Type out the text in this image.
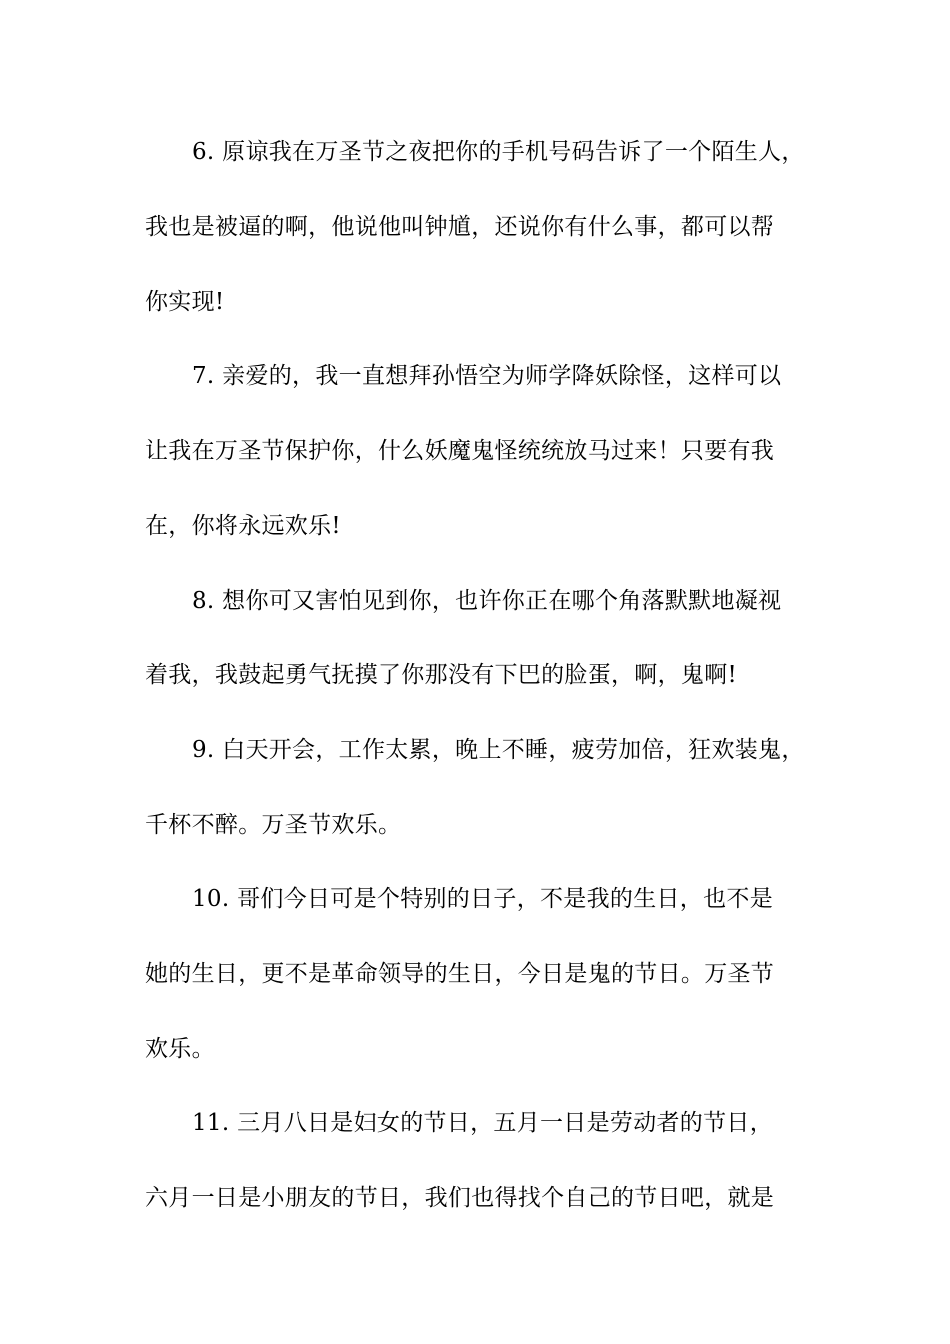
6. 原谅我在万圣节之夜把你的手机号码告诉了一个陌生人，
我也是被逼的啊，他说他叫钟馗，还说你有什么事，都可以帮
你实现!
7. 亲爱的，我一直想拜孙悟空为师学降妖除怪，这样可以
让我在万圣节保护你，什么妖魔鬼怪统统放马过来！只要有我
在，你将永远欢乐!
8. 想你可又害怕见到你，也许你正在哪个角落默默地凝视
着我，我鼓起勇气抚摸了你那没有下巴的脸蛋，啊，鬼啊!
9. 白天开会，工作太累，晚上不睡，疲劳加倍，狂欢装鬼，
千杯不醉。万圣节欢乐。
10. 哥们今日可是个特别的日子，不是我的生日，也不是
她的生日，更不是革命领导的生日，今日是鬼的节日。万圣节
欢乐。
11. 三月八日是妇女的节日，五月一日是劳动者的节日，
六月一日是小朋友的节日，我们也得找个自己的节日吧，就是
